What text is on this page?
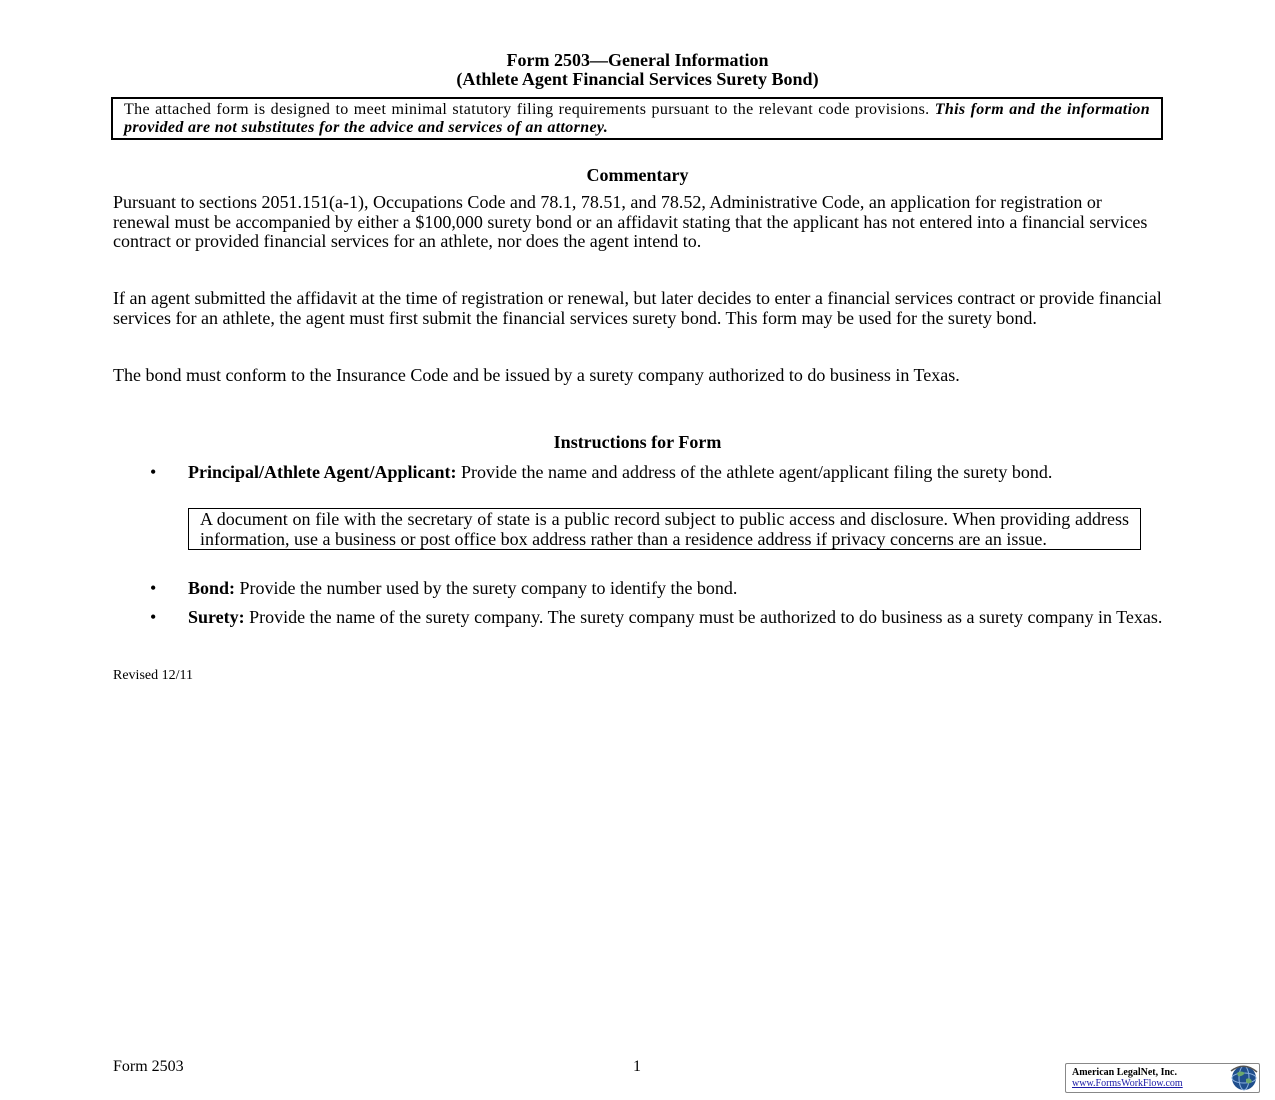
Form 2503—General Information
(Athlete Agent Financial Services Surety Bond)
The attached form is designed to meet minimal statutory filing requirements pursuant to the relevant code provisions. This form and the information provided are not substitutes for the advice and services of an attorney.
Commentary
Pursuant to sections 2051.151(a-1), Occupations Code and 78.1, 78.51, and 78.52, Administrative Code, an application for registration or renewal must be accompanied by either a $100,000 surety bond or an affidavit stating that the applicant has not entered into a financial services contract or provided financial services for an athlete, nor does the agent intend to.
If an agent submitted the affidavit at the time of registration or renewal, but later decides to enter a financial services contract or provide financial services for an athlete, the agent must first submit the financial services surety bond. This form may be used for the surety bond.
The bond must conform to the Insurance Code and be issued by a surety company authorized to do business in Texas.
Instructions for Form
• Principal/Athlete Agent/Applicant: Provide the name and address of the athlete agent/applicant filing the surety bond.
A document on file with the secretary of state is a public record subject to public access and disclosure. When providing address information, use a business or post office box address rather than a residence address if privacy concerns are an issue.
• Bond: Provide the number used by the surety company to identify the bond.
• Surety: Provide the name of the surety company. The surety company must be authorized to do business as a surety company in Texas.
Revised 12/11
Form 2503	1	American LegalNet, Inc.
www.FormsWorkFlow.com
